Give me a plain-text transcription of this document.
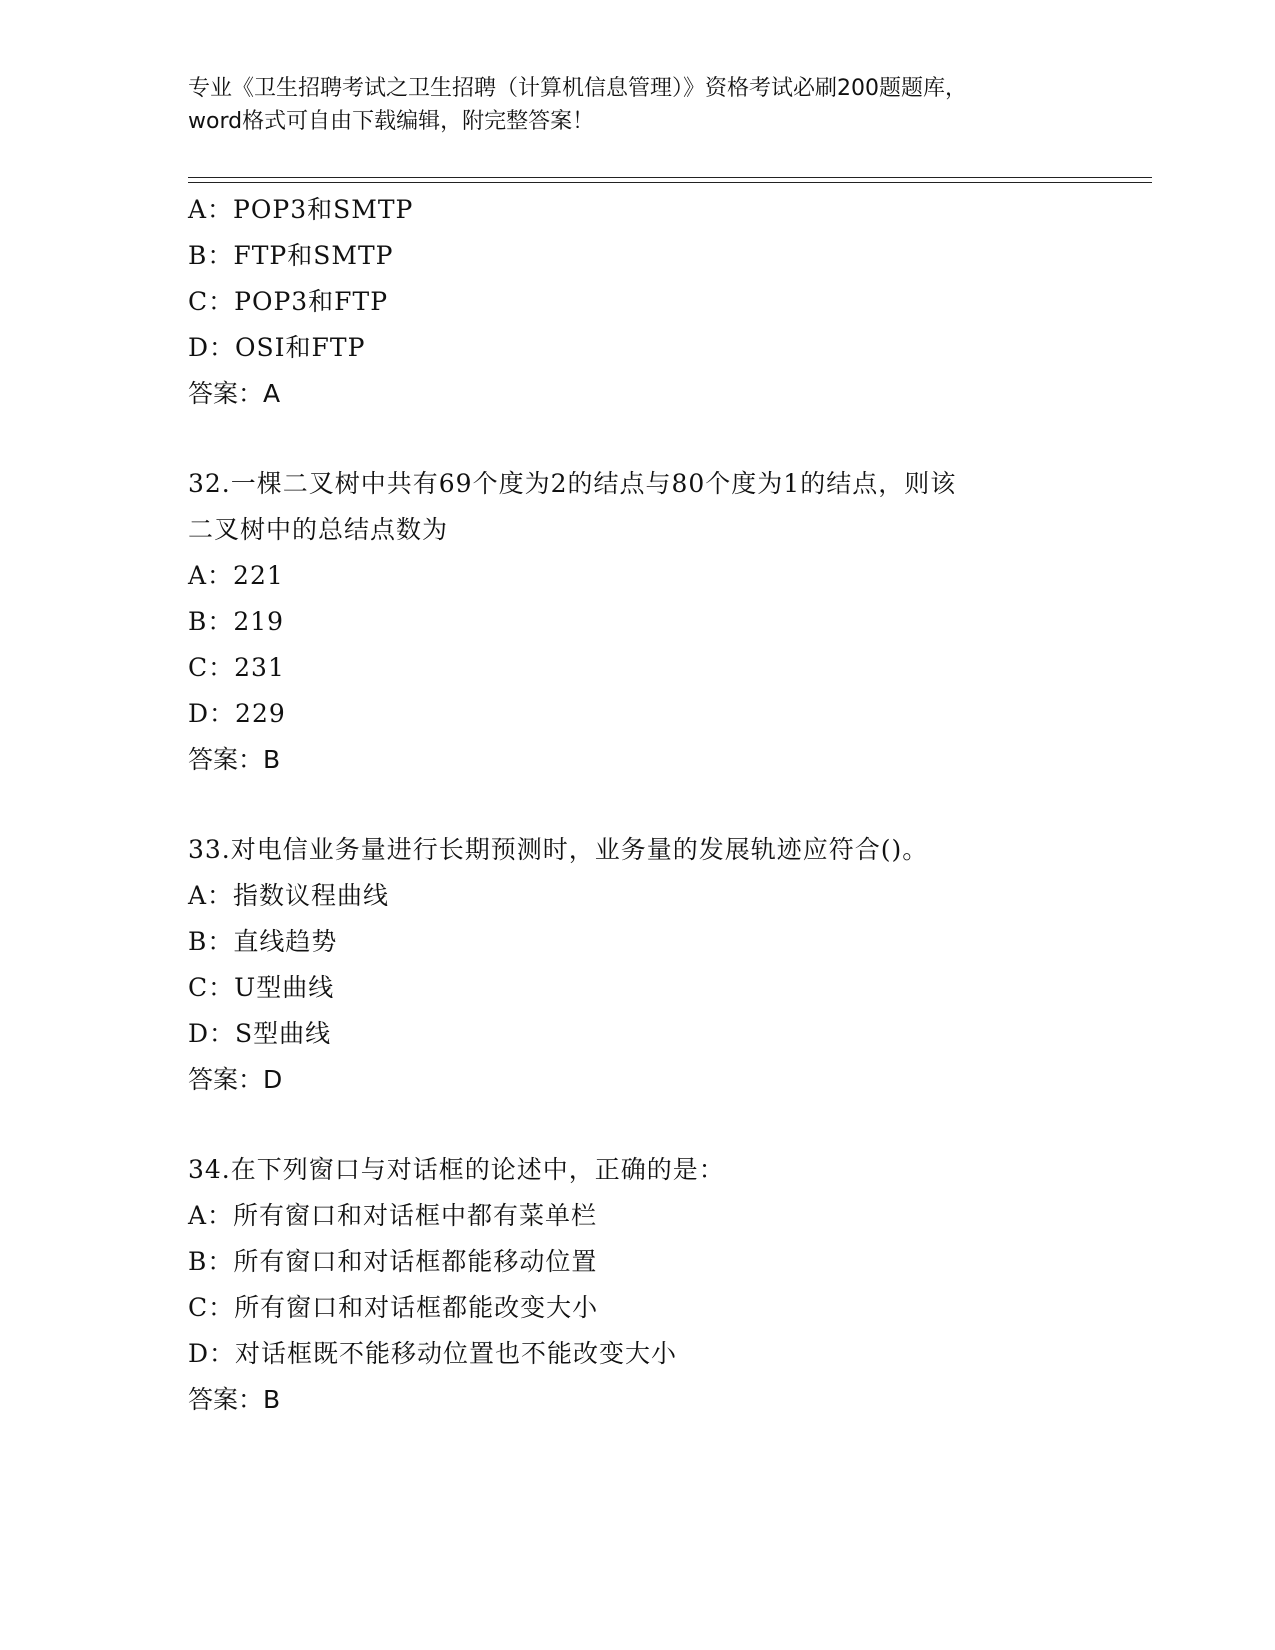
专业《卫生招聘考试之卫生招聘（计算机信息管理）》资格考试必刷200题题库，
word格式可自由下载编辑，附完整答案！
A：POP3和SMTP
B：FTP和SMTP
C：POP3和FTP
D：OSI和FTP
答案：A
32.一棵二叉树中共有69个度为2的结点与80个度为1的结点，则该
二叉树中的总结点数为
A：221
B：219
C：231
D：229
答案：B
33.对电信业务量进行长期预测时，业务量的发展轨迹应符合()。
A：指数议程曲线
B：直线趋势
C：U型曲线
D：S型曲线
答案：D
34.在下列窗口与对话框的论述中，正确的是：
A：所有窗口和对话框中都有菜单栏
B：所有窗口和对话框都能移动位置
C：所有窗口和对话框都能改变大小
D：对话框既不能移动位置也不能改变大小
答案：B
